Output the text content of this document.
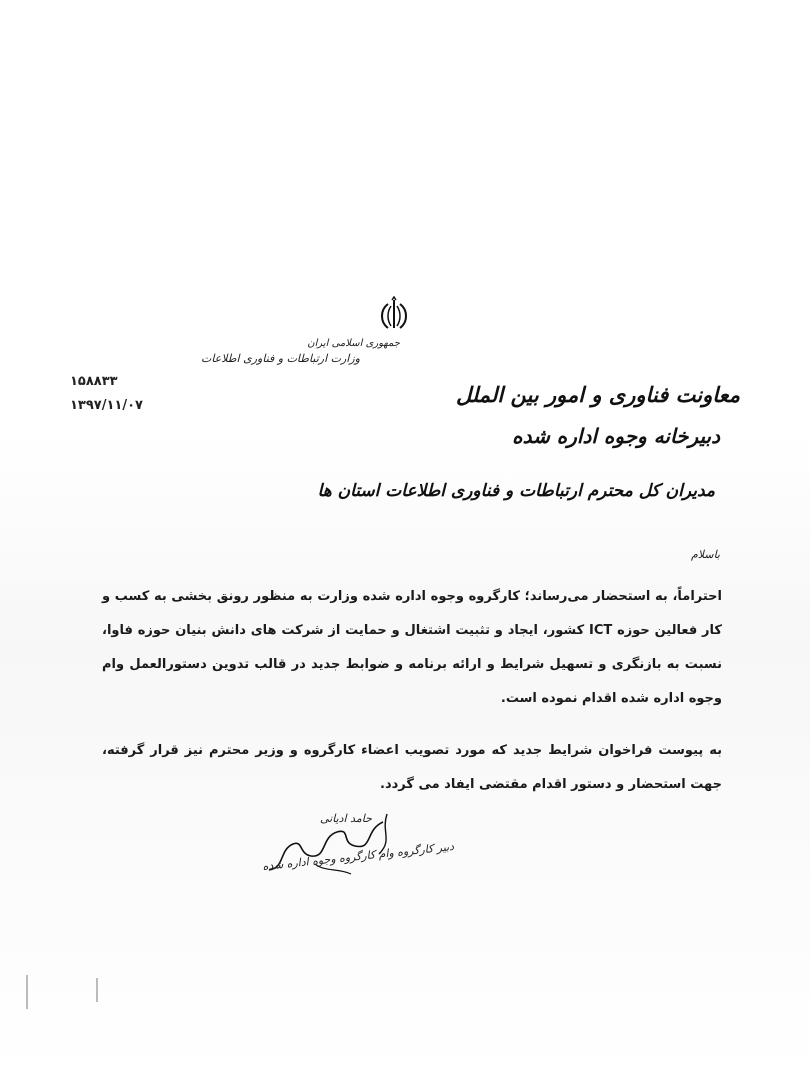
جمهوری اسلامی ایران
وزارت ارتباطات و فناوری اطلاعات
۱۵۸۸۳۳
۱۳۹۷/۱۱/۰۷	معاونت فناوری و امور بین الملل
دبیرخانه وجوه اداره شده
مدیران کل محترم ارتباطات و فناوری اطلاعات استان ها
باسلام
احتراماً، به استحضار می‌رساند؛ کارگروه وجوه اداره شده وزارت به منظور رونق بخشی به کسب و کار فعالین حوزه ICT کشور، ایجاد و تثبیت اشتغال و حمایت از شرکت های دانش بنیان حوزه فاوا، نسبت به بازنگری و تسهیل شرایط و ارائه برنامه و ضوابط جدید در قالب تدوین دستورالعمل وام وجوه اداره شده اقدام نموده است.
به پیوست فراخوان شرایط جدید که مورد تصویب اعضاء کارگروه و وزیر محترم نیز قرار گرفته، جهت استحضار و دستور اقدام مقتضی ایفاد می گردد.
حامد ادیانی
دبیر کارگروه وام کارگروه وجوه اداره شده
